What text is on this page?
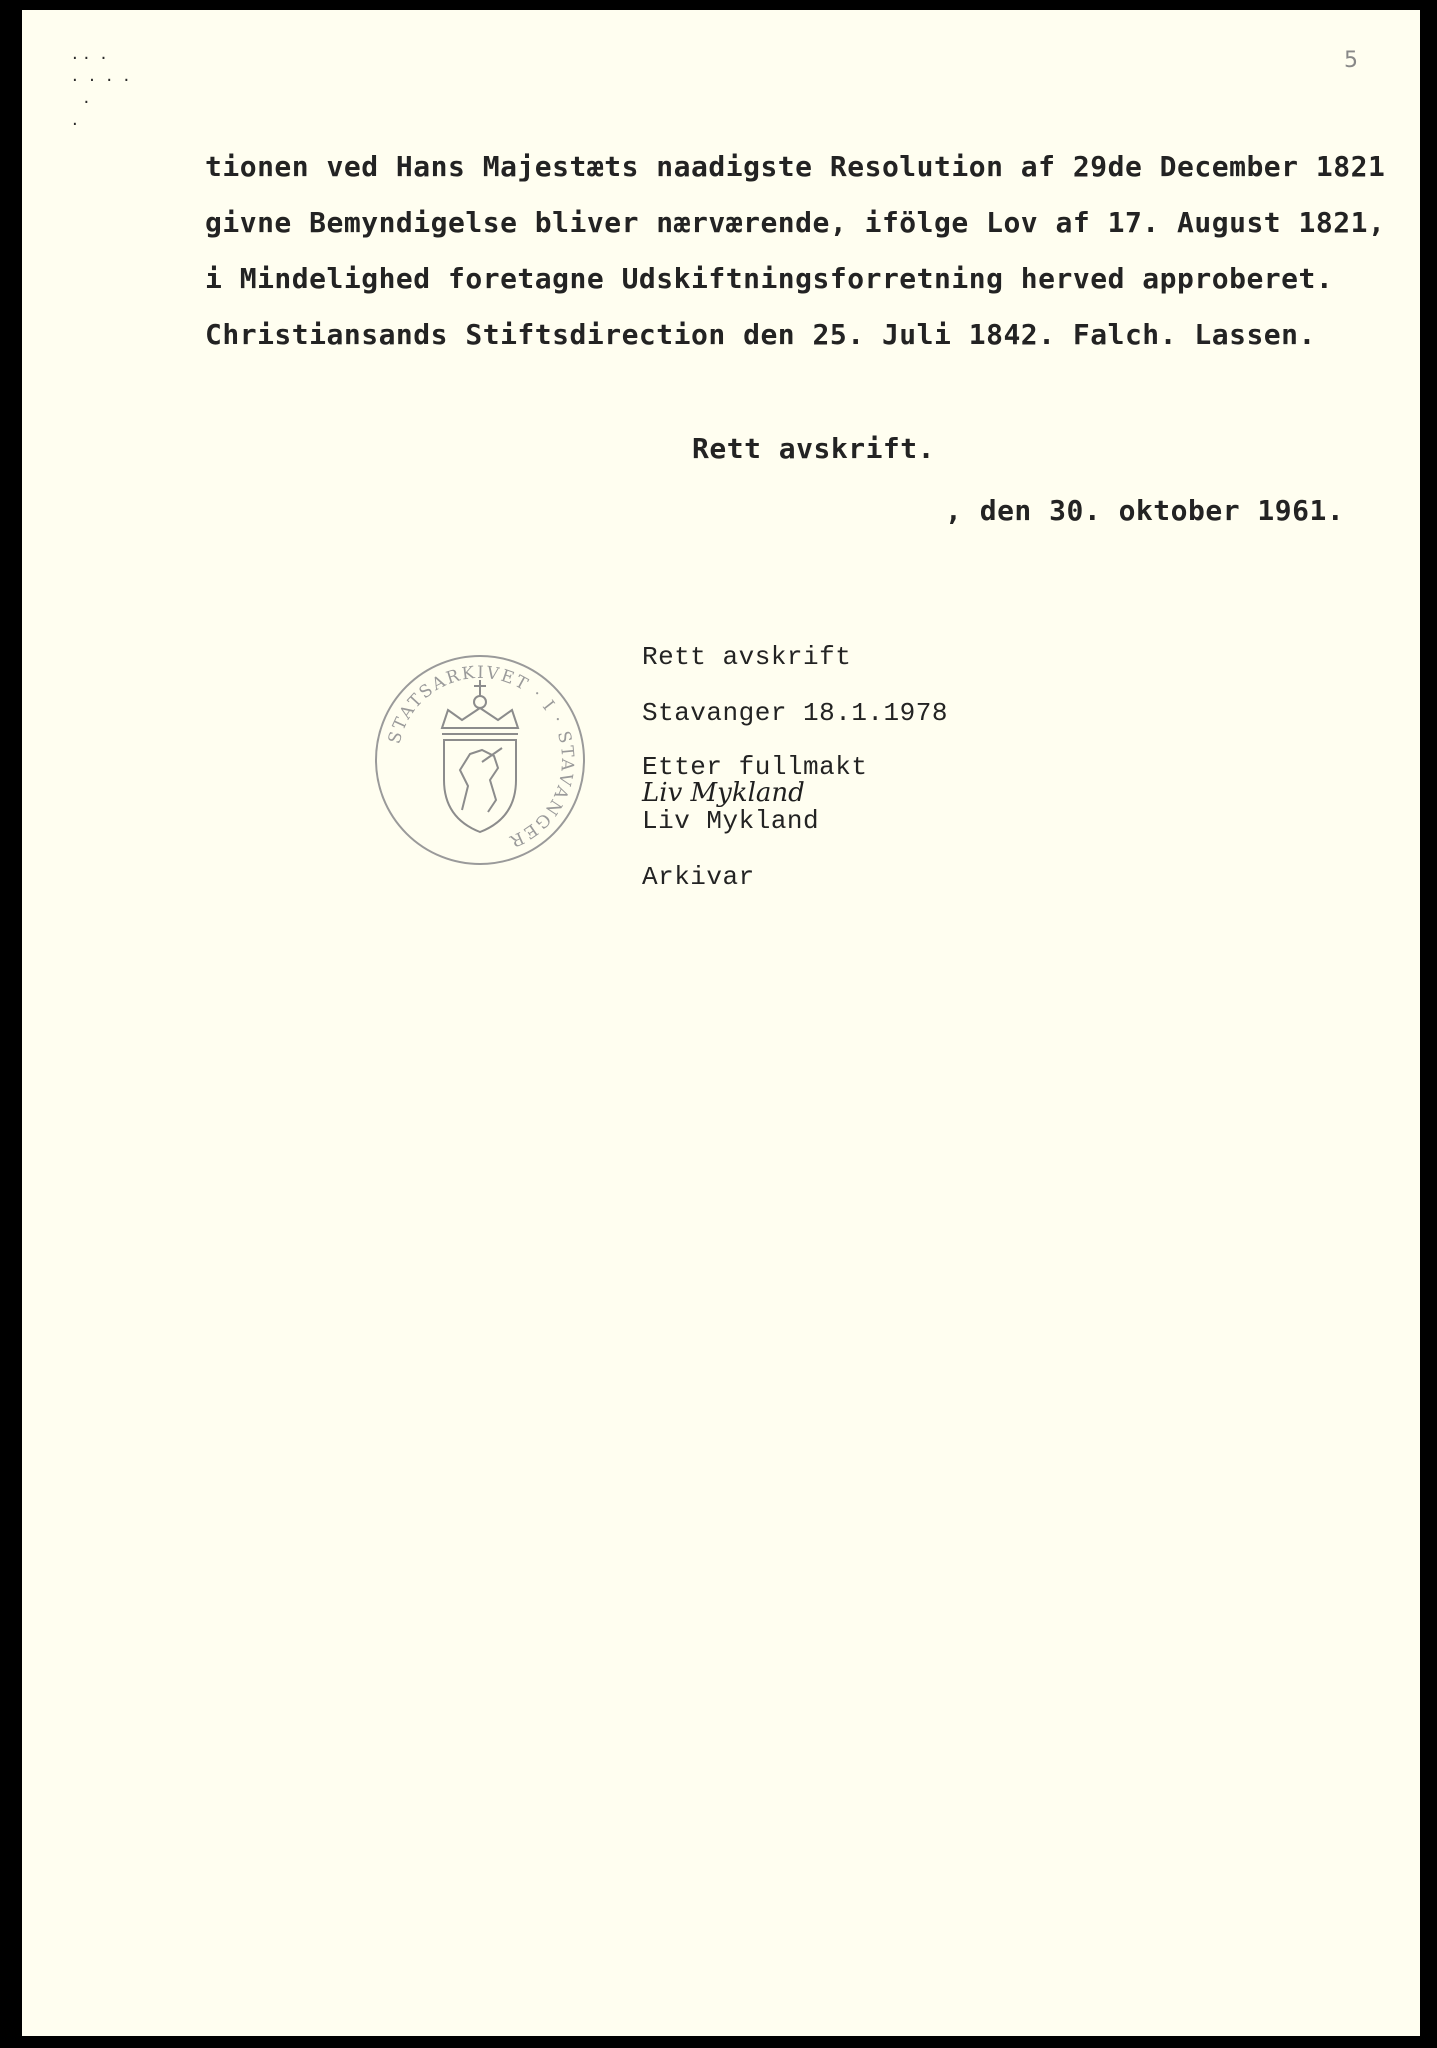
· ·  ·
·  ·  ·  ·
·
·
5
tionen ved Hans Majestæts naadigste Resolution af 29de December 1821
givne Bemyndigelse bliver nærværende, ifölge Lov af 17. August 1821,
i Mindelighed foretagne Udskiftningsforretning herved approberet.
Christiansands Stiftsdirection den 25. Juli 1842. Falch. Lassen.
Rett avskrift.
, den 30. oktober 1961.
Rett avskrift
Stavanger 18.1.1978
Etter fullmakt
Liv Mykland
Liv Mykland
Arkivar
STATSARKIVET · I · STAVANGER
